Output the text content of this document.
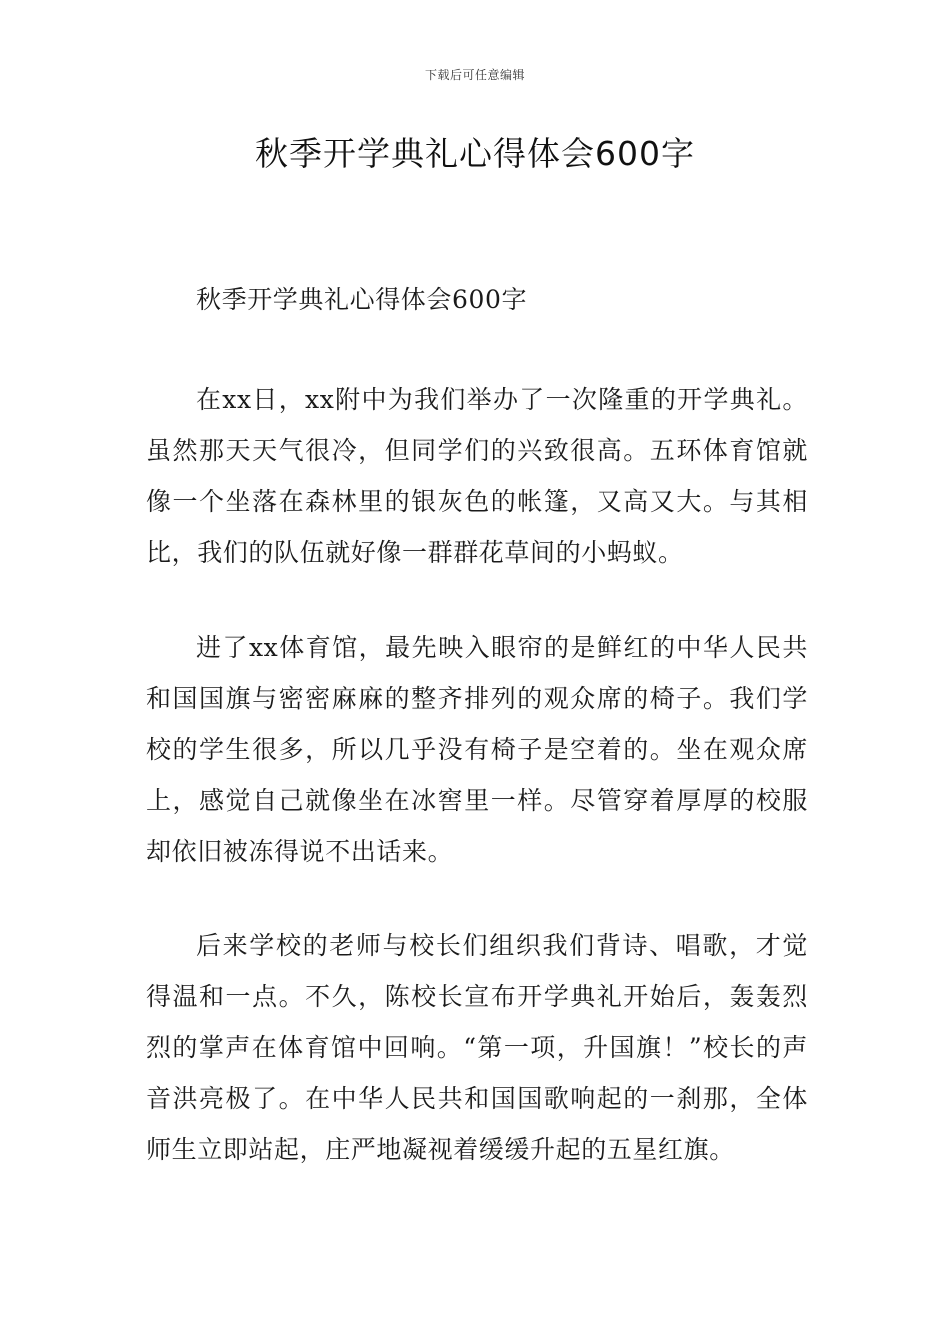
下载后可任意编辑
秋季开学典礼心得体会600字

秋季开学典礼心得体会600字

在xx日，xx附中为我们举办了一次隆重的开学典礼。虽然那天天气很冷，但同学们的兴致很高。五环体育馆就像一个坐落在森林里的银灰色的帐篷，又高又大。与其相比，我们的队伍就好像一群群花草间的小蚂蚁。

进了xx体育馆，最先映入眼帘的是鲜红的中华人民共和国国旗与密密麻麻的整齐排列的观众席的椅子。我们学校的学生很多，所以几乎没有椅子是空着的。坐在观众席上，感觉自己就像坐在冰窖里一样。尽管穿着厚厚的校服却依旧被冻得说不出话来。

后来学校的老师与校长们组织我们背诗、唱歌，才觉得温和一点。不久，陈校长宣布开学典礼开始后，轰轰烈烈的掌声在体育馆中回响。“第一项，升国旗！”校长的声音洪亮极了。在中华人民共和国国歌响起的一刹那，全体师生立即站起，庄严地凝视着缓缓升起的五星红旗。
